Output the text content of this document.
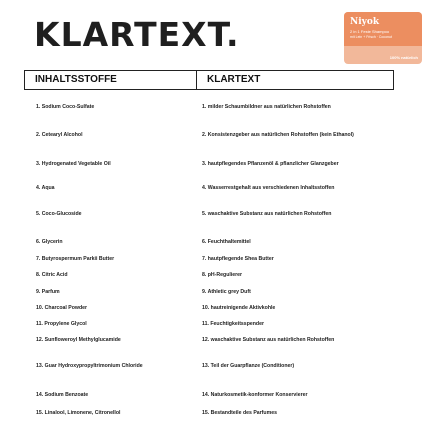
KLARTEXT.	Niyok
2 in 1 Feste Shampoo
mit Lein + Frisch · Coconut
100% natürlich
INHALTSSTOFFE	KLARTEXT
1. Sodium Coco-Sulfate	1. milder Schaumbildner aus natürlichen Rohstoffen
2. Cetearyl Alcohol	2. Konsistenzgeber aus natürlichen Rohstoffen (kein Ethanol)
3. Hydrogenated Vegetable Oil	3. hautpflegendes Pflanzenöl & pflanzlicher Glanzgeber
4. Aqua	4. Wasserrestgehalt aus verschiedenen Inhaltsstoffen
5. Coco-Glucoside	5. waschaktive Substanz aus natürlichen Rohstoffen
6. Glycerin	6. Feuchthaltemittel
7. Butyrospermum Parkii Butter	7. hautpflegende Shea Butter
8. Citric Acid	8. pH-Regulierer
9. Parfum	9. Athletic grey Duft
10. Charcoal Powder	10. hautreinigende Aktivkohle
11. Propylene Glycol	11. Feuchtigkeitsspender
12. Sunfloweroyl Methylglucamide	12. waschaktive Substanz aus natürlichen Rohstoffen
13. Guar Hydroxypropyltrimonium Chloride	13. Teil der Guarpflanze (Conditioner)
14. Sodium Benzoate	14. Naturkosmetik-konformer Konservierer
15. Linalool, Limonene, Citronellol	15. Bestandteile des Parfumes
